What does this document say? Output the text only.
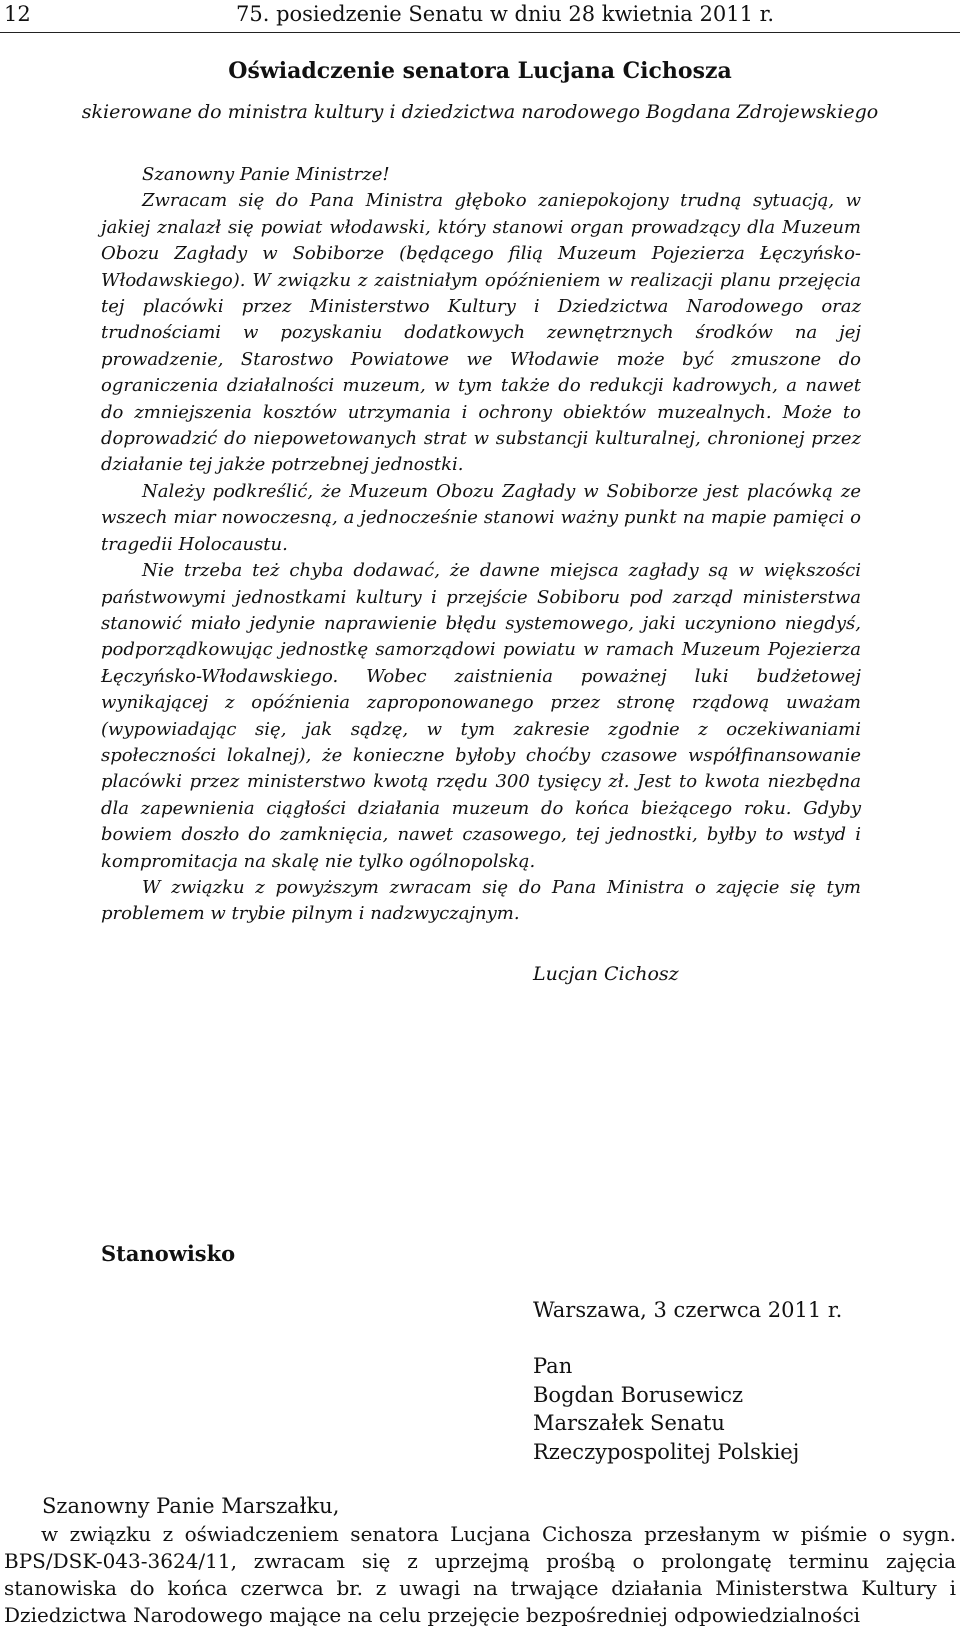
12	75. posiedzenie Senatu w dniu 28 kwietnia 2011 r.
Oświadczenie senatora Lucjana Cichosza
skierowane do ministra kultury i dziedzictwa narodowego Bogdana Zdrojewskiego

Szanowny Panie Ministrze!

Zwracam się do Pana Ministra głęboko zaniepokojony trudną sytuacją, w jakiej znalazł się powiat włodawski, który stanowi organ prowadzący dla Muzeum Obozu Zagłady w Sobiborze (będącego filią Muzeum Pojezierza Łęczyńsko-Włodawskiego). W związku z zaistniałym opóźnieniem w realizacji planu przejęcia tej placówki przez Ministerstwo Kultury i Dziedzictwa Narodowego oraz trudnościami w pozyskaniu dodatkowych zewnętrznych środków na jej prowadzenie, Starostwo Powiatowe we Włodawie może być zmuszone do ograniczenia działalności muzeum, w tym także do redukcji kadrowych, a nawet do zmniejszenia kosztów utrzymania i ochrony obiektów muzealnych. Może to doprowadzić do niepowetowanych strat w substancji kulturalnej, chronionej przez działanie tej jakże potrzebnej jednostki.

Należy podkreślić, że Muzeum Obozu Zagłady w Sobiborze jest placówką ze wszech miar nowoczesną, a jednocześnie stanowi ważny punkt na mapie pamięci o tragedii Holocaustu.

Nie trzeba też chyba dodawać, że dawne miejsca zagłady są w większości państwowymi jednostkami kultury i przejście Sobiboru pod zarząd ministerstwa stanowić miało jedynie naprawienie błędu systemowego, jaki uczyniono niegdyś, podporządkowując jednostkę samorządowi powiatu w ramach Muzeum Pojezierza Łęczyńsko-Włodawskiego. Wobec zaistnienia poważnej luki budżetowej wynikającej z opóźnienia zaproponowanego przez stronę rządową uważam (wypowiadając się, jak sądzę, w tym zakresie zgodnie z oczekiwaniami społeczności lokalnej), że konieczne byłoby choćby czasowe współfinansowanie placówki przez ministerstwo kwotą rzędu 300 tysięcy zł. Jest to kwota niezbędna dla zapewnienia ciągłości działania muzeum do końca bieżącego roku. Gdyby bowiem doszło do zamknięcia, nawet czasowego, tej jednostki, byłby to wstyd i kompromitacja na skalę nie tylko ogólnopolską.

W związku z powyższym zwracam się do Pana Ministra o zajęcie się tym problemem w trybie pilnym i nadzwyczajnym.

Lucjan Cichosz
Stanowisko
Warszawa, 3 czerwca 2011 r.
Pan
Bogdan Borusewicz
Marszałek Senatu
Rzeczypospolitej Polskiej
Szanowny Panie Marszałku,

w związku z oświadczeniem senatora Lucjana Cichosza przesłanym w piśmie o sygn. BPS/DSK-043-3624/11, zwracam się z uprzejmą prośbą o prolongatę terminu zajęcia stanowiska do końca czerwca br. z uwagi na trwające działania Ministerstwa Kultury i Dziedzictwa Narodowego mające na celu przejęcie bezpośredniej odpowiedzialności
